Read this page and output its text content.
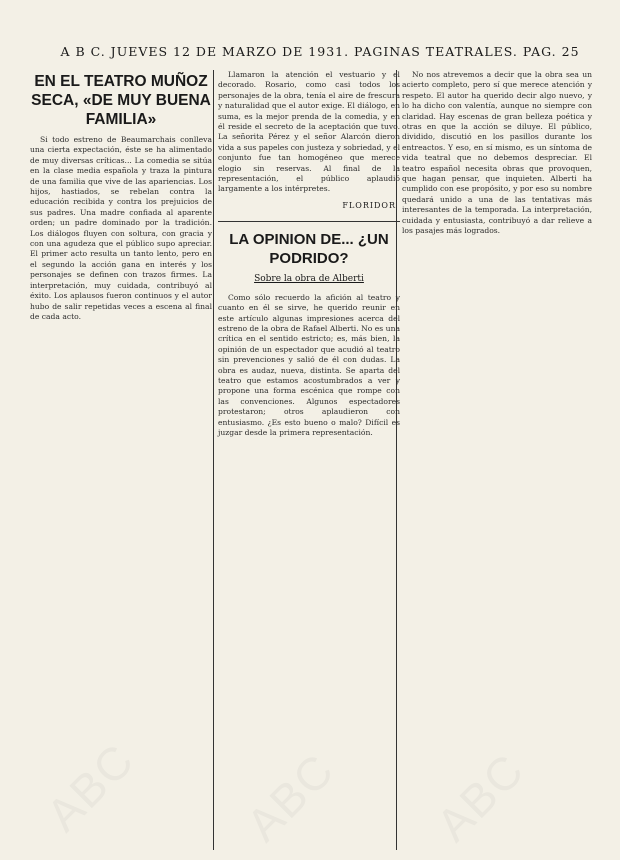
A B C. JUEVES 12 DE MARZO DE 1931. PAGINAS TEATRALES. PAG. 25
EN EL TEATRO MUÑOZ SECA, «DE MUY BUENA FAMILIA»

Si todo estreno de Beaumarchais conlleva una cierta expectación, éste se ha alimentado de muy diversas críticas... La comedia se sitúa en la clase media española y traza la pintura de una familia que vive de las apariencias. Los hijos, hastiados, se rebelan contra la educación recibida y contra los prejuicios de sus padres. Una madre confiada al aparente orden; un padre dominado por la tradición. Los diálogos fluyen con soltura, con gracia y con una agudeza que el público supo apreciar. El primer acto resulta un tanto lento, pero en el segundo la acción gana en interés y los personajes se definen con trazos firmes. La interpretación, muy cuidada, contribuyó al éxito. Los aplausos fueron continuos y el autor hubo de salir repetidas veces a escena al final de cada acto.

Llamaron la atención el vestuario y el decorado. Rosario, como casi todos los personajes de la obra, tenía el aire de frescura y naturalidad que el autor exige. El diálogo, en suma, es la mejor prenda de la comedia, y en él reside el secreto de la aceptación que tuvo. La señorita Pérez y el señor Alarcón dieron vida a sus papeles con justeza y sobriedad, y el conjunto fue tan homogéneo que merece elogio sin reservas. Al final de la representación, el público aplaudió largamente a los intérpretes.

FLORIDOR
LA OPINION DE... ¿UN PODRIDO?
Sobre la obra de Alberti

Como sólo recuerdo la afición al teatro y cuanto en él se sirve, he querido reunir en este artículo algunas impresiones acerca del estreno de la obra de Rafael Alberti. No es una crítica en el sentido estricto; es, más bien, la opinión de un espectador que acudió al teatro sin prevenciones y salió de él con dudas. La obra es audaz, nueva, distinta. Se aparta del teatro que estamos acostumbrados a ver y propone una forma escénica que rompe con las convenciones. Algunos espectadores protestaron; otros aplaudieron con entusiasmo. ¿Es esto bueno o malo? Difícil es juzgar desde la primera representación.

No nos atrevemos a decir que la obra sea un acierto completo, pero sí que merece atención y respeto. El autor ha querido decir algo nuevo, y lo ha dicho con valentía, aunque no siempre con claridad. Hay escenas de gran belleza poética y otras en que la acción se diluye. El público, dividido, discutió en los pasillos durante los entreactos. Y eso, en sí mismo, es un síntoma de vida teatral que no debemos despreciar. El teatro español necesita obras que provoquen, que hagan pensar, que inquieten. Alberti ha cumplido con ese propósito, y por eso su nombre quedará unido a una de las tentativas más interesantes de la temporada. La interpretación, cuidada y entusiasta, contribuyó a dar relieve a los pasajes más logrados.

ABC ABC ABC
